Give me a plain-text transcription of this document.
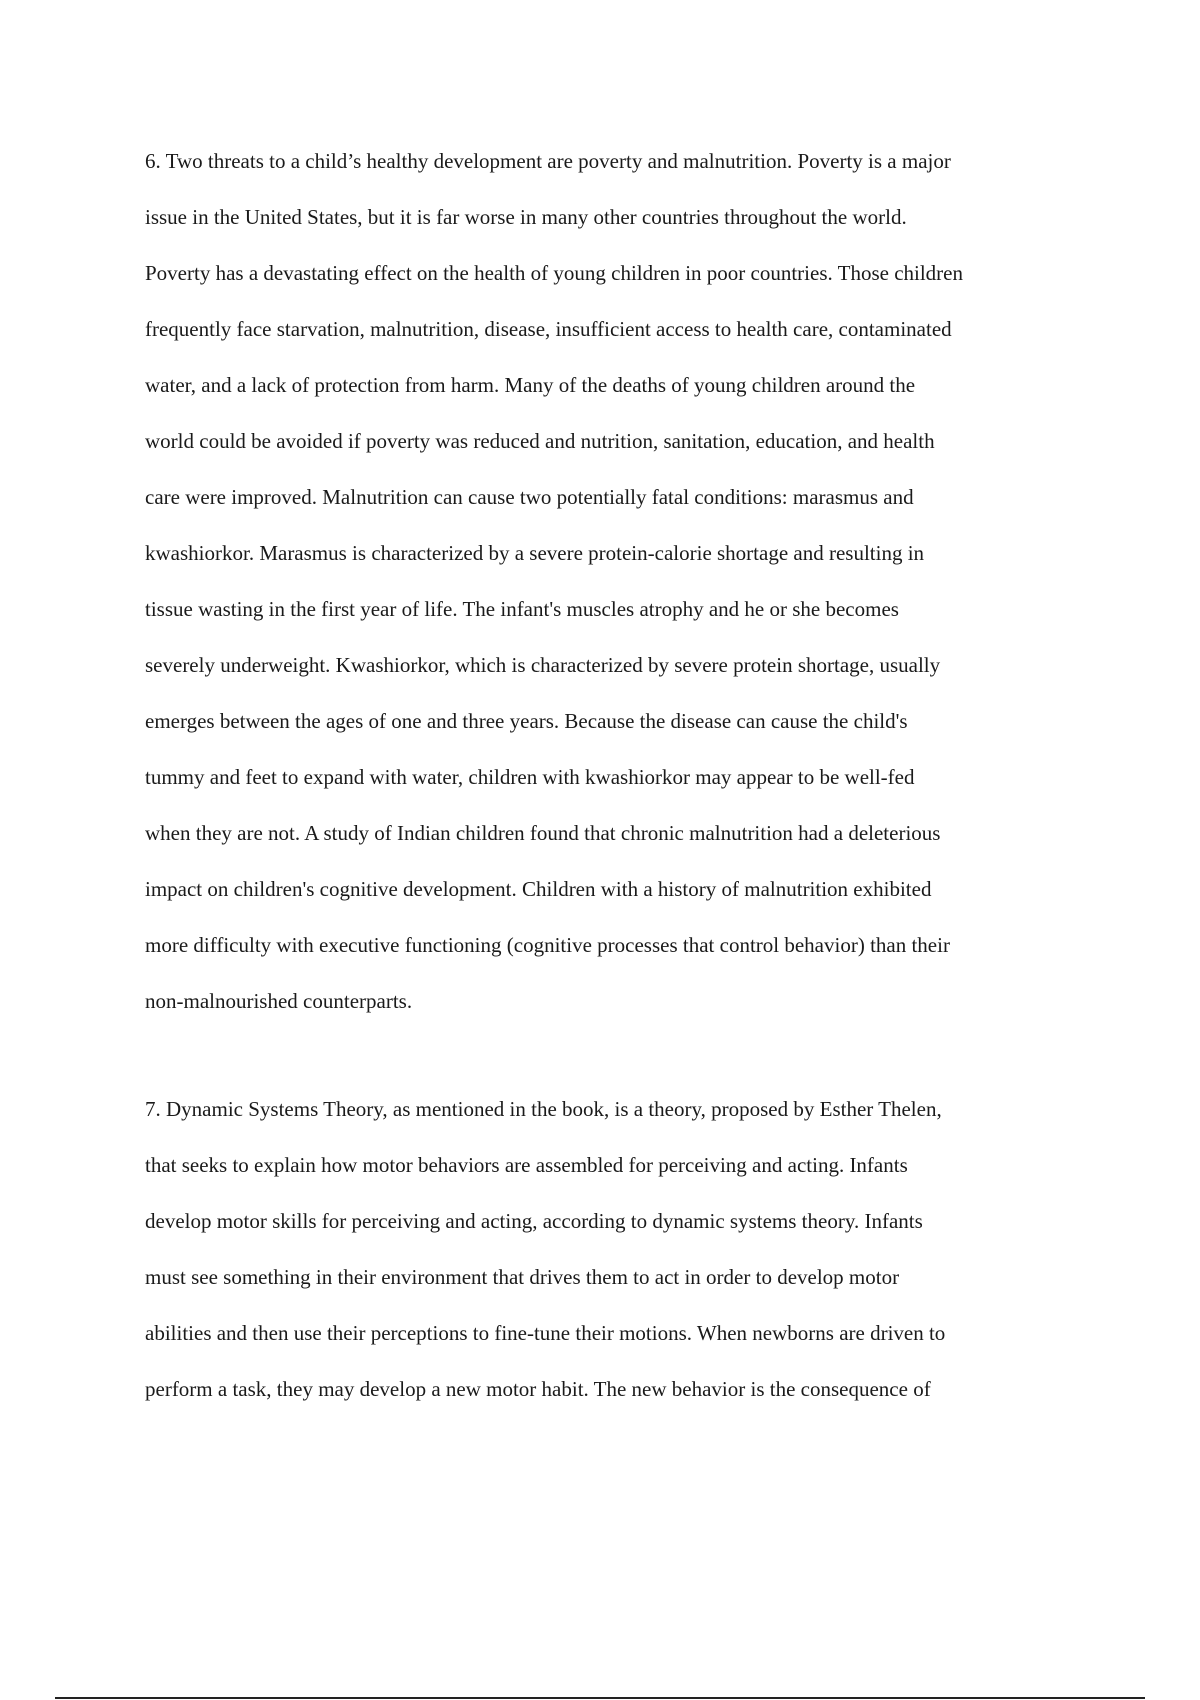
6. Two threats to a child’s healthy development are poverty and malnutrition. Poverty is a major
issue in the United States, but it is far worse in many other countries throughout the world.
Poverty has a devastating effect on the health of young children in poor countries. Those children
frequently face starvation, malnutrition, disease, insufficient access to health care, contaminated
water, and a lack of protection from harm. Many of the deaths of young children around the
world could be avoided if poverty was reduced and nutrition, sanitation, education, and health
care were improved. Malnutrition can cause two potentially fatal conditions: marasmus and
kwashiorkor. Marasmus is characterized by a severe protein-calorie shortage and resulting in
tissue wasting in the first year of life. The infant's muscles atrophy and he or she becomes
severely underweight. Kwashiorkor, which is characterized by severe protein shortage, usually
emerges between the ages of one and three years. Because the disease can cause the child's
tummy and feet to expand with water, children with kwashiorkor may appear to be well-fed
when they are not. A study of Indian children found that chronic malnutrition had a deleterious
impact on children's cognitive development. Children with a history of malnutrition exhibited
more difficulty with executive functioning (cognitive processes that control behavior) than their
non-malnourished counterparts.
7. Dynamic Systems Theory, as mentioned in the book, is a theory, proposed by Esther Thelen,
that seeks to explain how motor behaviors are assembled for perceiving and acting. Infants
develop motor skills for perceiving and acting, according to dynamic systems theory. Infants
must see something in their environment that drives them to act in order to develop motor
abilities and then use their perceptions to fine-tune their motions. When newborns are driven to
perform a task, they may develop a new motor habit. The new behavior is the consequence of
